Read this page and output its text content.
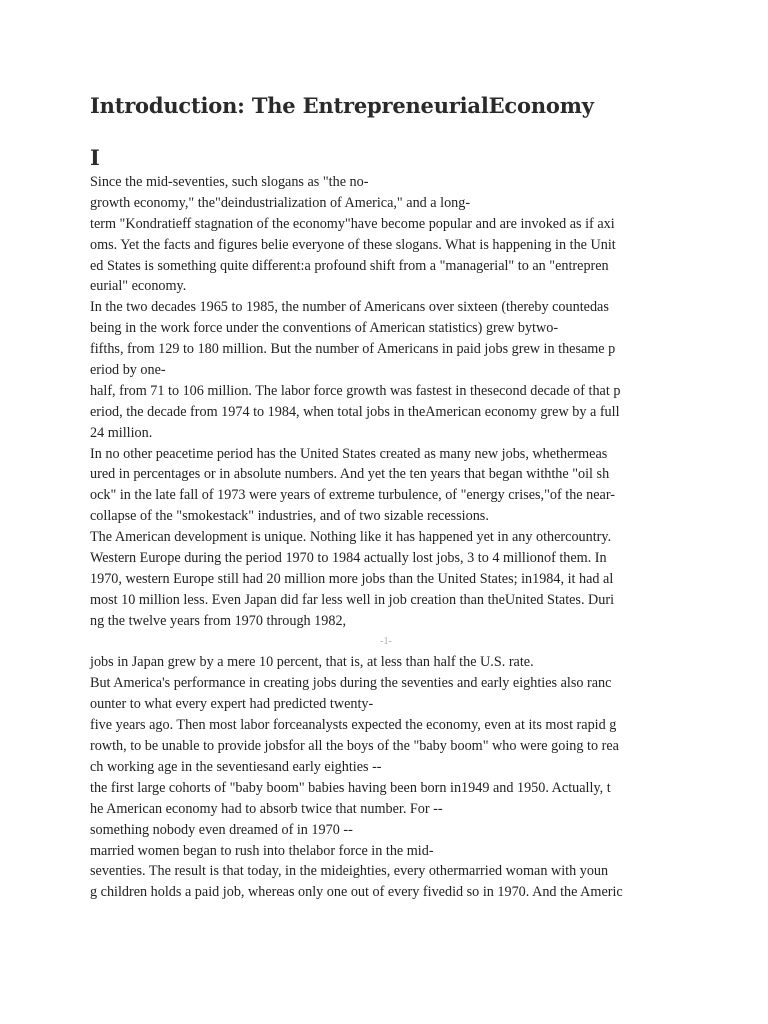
Introduction: The EntrepreneurialEconomy
I
Since the mid-seventies, such slogans as "the no-
growth economy," the"deindustrialization of America," and a long-
term "Kondratieff stagnation of the economy"have become popular and are invoked as if axi
oms. Yet the facts and figures belie everyone of these slogans. What is happening in the Unit
ed States is something quite different:a profound shift from a "managerial" to an "entrepren
eurial" economy.
In the two decades 1965 to 1985, the number of Americans over sixteen (thereby countedas
being in the work force under the conventions of American statistics) grew bytwo-
fifths, from 129 to 180 million. But the number of Americans in paid jobs grew in thesame p
eriod by one-
half, from 71 to 106 million. The labor force growth was fastest in thesecond decade of that p
eriod, the decade from 1974 to 1984, when total jobs in theAmerican economy grew by a full
24 million.
In no other peacetime period has the United States created as many new jobs, whethermeas
ured in percentages or in absolute numbers. And yet the ten years that began withthe "oil sh
ock" in the late fall of 1973 were years of extreme turbulence, of "energy crises,"of the near-
collapse of the "smokestack" industries, and of two sizable recessions.
The American development is unique. Nothing like it has happened yet in any othercountry.
Western Europe during the period 1970 to 1984 actually lost jobs, 3 to 4 millionof them. In
1970, western Europe still had 20 million more jobs than the United States; in1984, it had al
most 10 million less. Even Japan did far less well in job creation than theUnited States. Duri
ng the twelve years from 1970 through 1982,
-1-
jobs in Japan grew by a mere 10 percent, that is, at less than half the U.S. rate.
But America's performance in creating jobs during the seventies and early eighties also ranc
ounter to what every expert had predicted twenty-
five years ago. Then most labor forceanalysts expected the economy, even at its most rapid g
rowth, to be unable to provide jobsfor all the boys of the "baby boom" who were going to rea
ch working age in the seventiesand early eighties --
the first large cohorts of "baby boom" babies having been born in1949 and 1950. Actually, t
he American economy had to absorb twice that number. For --
something nobody even dreamed of in 1970 --
married women began to rush into thelabor force in the mid-
seventies. The result is that today, in the mideighties, every othermarried woman with youn
g children holds a paid job, whereas only one out of every fivedid so in 1970. And the Americ
